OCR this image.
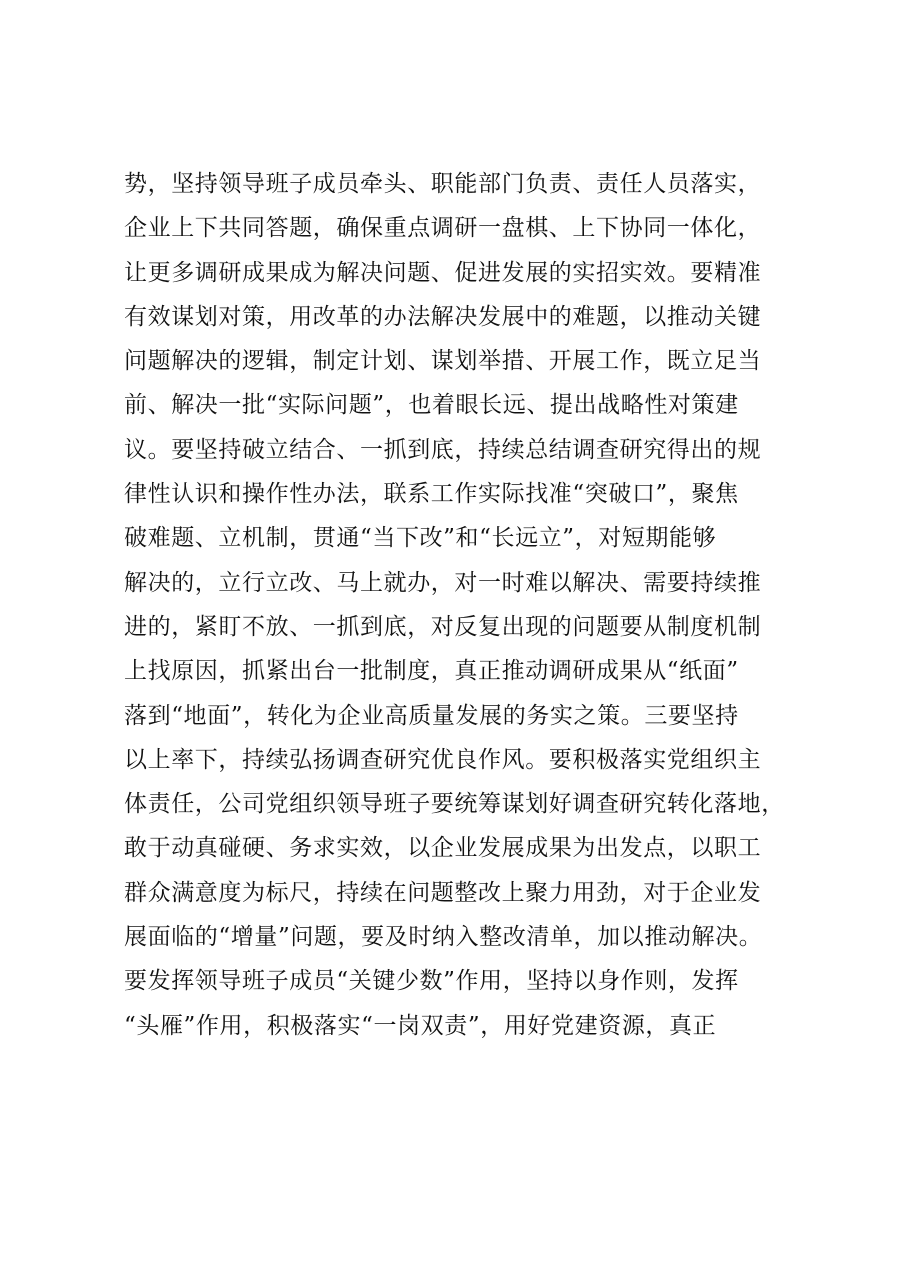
势，坚持领导班子成员牵头、职能部门负责、责任人员落实，
企业上下共同答题，确保重点调研一盘棋、上下协同一体化，
让更多调研成果成为解决问题、促进发展的实招实效。要精准
有效谋划对策，用改革的办法解决发展中的难题，以推动关键
问题解决的逻辑，制定计划、谋划举措、开展工作，既立足当
前、解决一批“实际问题”，也着眼长远、提出战略性对策建
议。要坚持破立结合、一抓到底，持续总结调查研究得出的规
律性认识和操作性办法，联系工作实际找准“突破口”，聚焦
破难题、立机制，贯通“当下改”和“长远立”，对短期能够
解决的，立行立改、马上就办，对一时难以解决、需要持续推
进的，紧盯不放、一抓到底，对反复出现的问题要从制度机制
上找原因，抓紧出台一批制度，真正推动调研成果从“纸面”
落到“地面”，转化为企业高质量发展的务实之策。三要坚持
以上率下，持续弘扬调查研究优良作风。要积极落实党组织主
体责任，公司党组织领导班子要统筹谋划好调查研究转化落地，
敢于动真碰硬、务求实效，以企业发展成果为出发点，以职工
群众满意度为标尺，持续在问题整改上聚力用劲，对于企业发
展面临的“增量”问题，要及时纳入整改清单，加以推动解决。
要发挥领导班子成员“关键少数”作用，坚持以身作则，发挥
“头雁”作用，积极落实“一岗双责”，用好党建资源，真正
